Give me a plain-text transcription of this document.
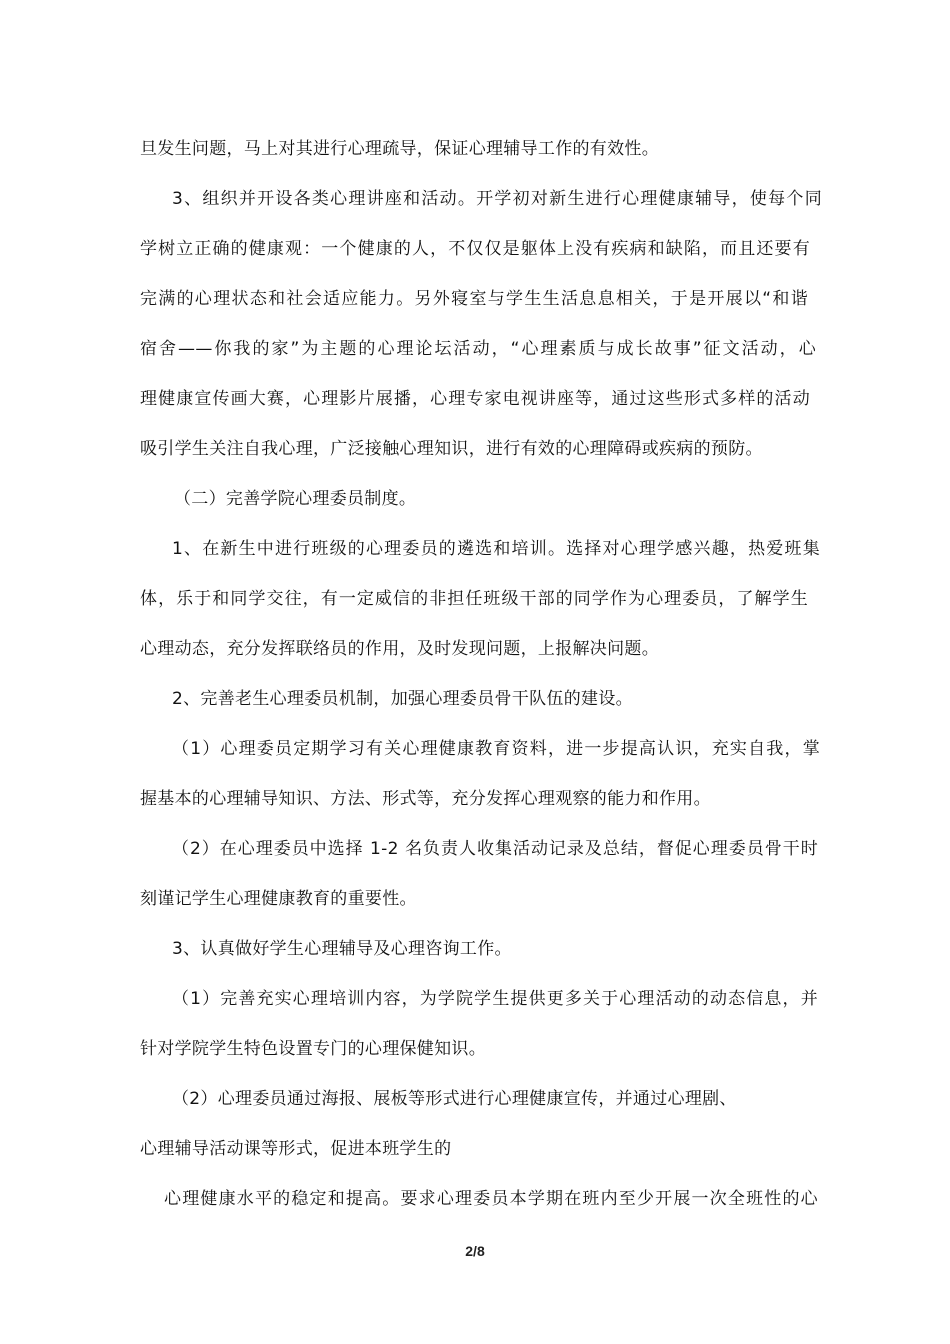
旦发生问题，马上对其进行心理疏导，保证心理辅导工作的有效性。
3、组织并开设各类心理讲座和活动。开学初对新生进行心理健康辅导，使每个同
学树立正确的健康观：一个健康的人，不仅仅是躯体上没有疾病和缺陷，而且还要有
完满的心理状态和社会适应能力。另外寝室与学生生活息息相关，于是开展以“和谐
宿舍——你我的家”为主题的心理论坛活动，“心理素质与成长故事”征文活动，心
理健康宣传画大赛，心理影片展播，心理专家电视讲座等，通过这些形式多样的活动
吸引学生关注自我心理，广泛接触心理知识，进行有效的心理障碍或疾病的预防。
（二）完善学院心理委员制度。
1、在新生中进行班级的心理委员的遴选和培训。选择对心理学感兴趣，热爱班集
体，乐于和同学交往，有一定威信的非担任班级干部的同学作为心理委员，了解学生
心理动态，充分发挥联络员的作用，及时发现问题，上报解决问题。
2、完善老生心理委员机制，加强心理委员骨干队伍的建设。
（1）心理委员定期学习有关心理健康教育资料，进一步提高认识，充实自我，掌
握基本的心理辅导知识、方法、形式等，充分发挥心理观察的能力和作用。
（2）在心理委员中选择 1-2 名负责人收集活动记录及总结，督促心理委员骨干时
刻谨记学生心理健康教育的重要性。
3、认真做好学生心理辅导及心理咨询工作。
（1）完善充实心理培训内容，为学院学生提供更多关于心理活动的动态信息，并
针对学院学生特色设置专门的心理保健知识。
（2）心理委员通过海报、展板等形式进行心理健康宣传，并通过心理剧、
心理辅导活动课等形式，促进本班学生的
心理健康水平的稳定和提高。要求心理委员本学期在班内至少开展一次全班性的心
2/8
